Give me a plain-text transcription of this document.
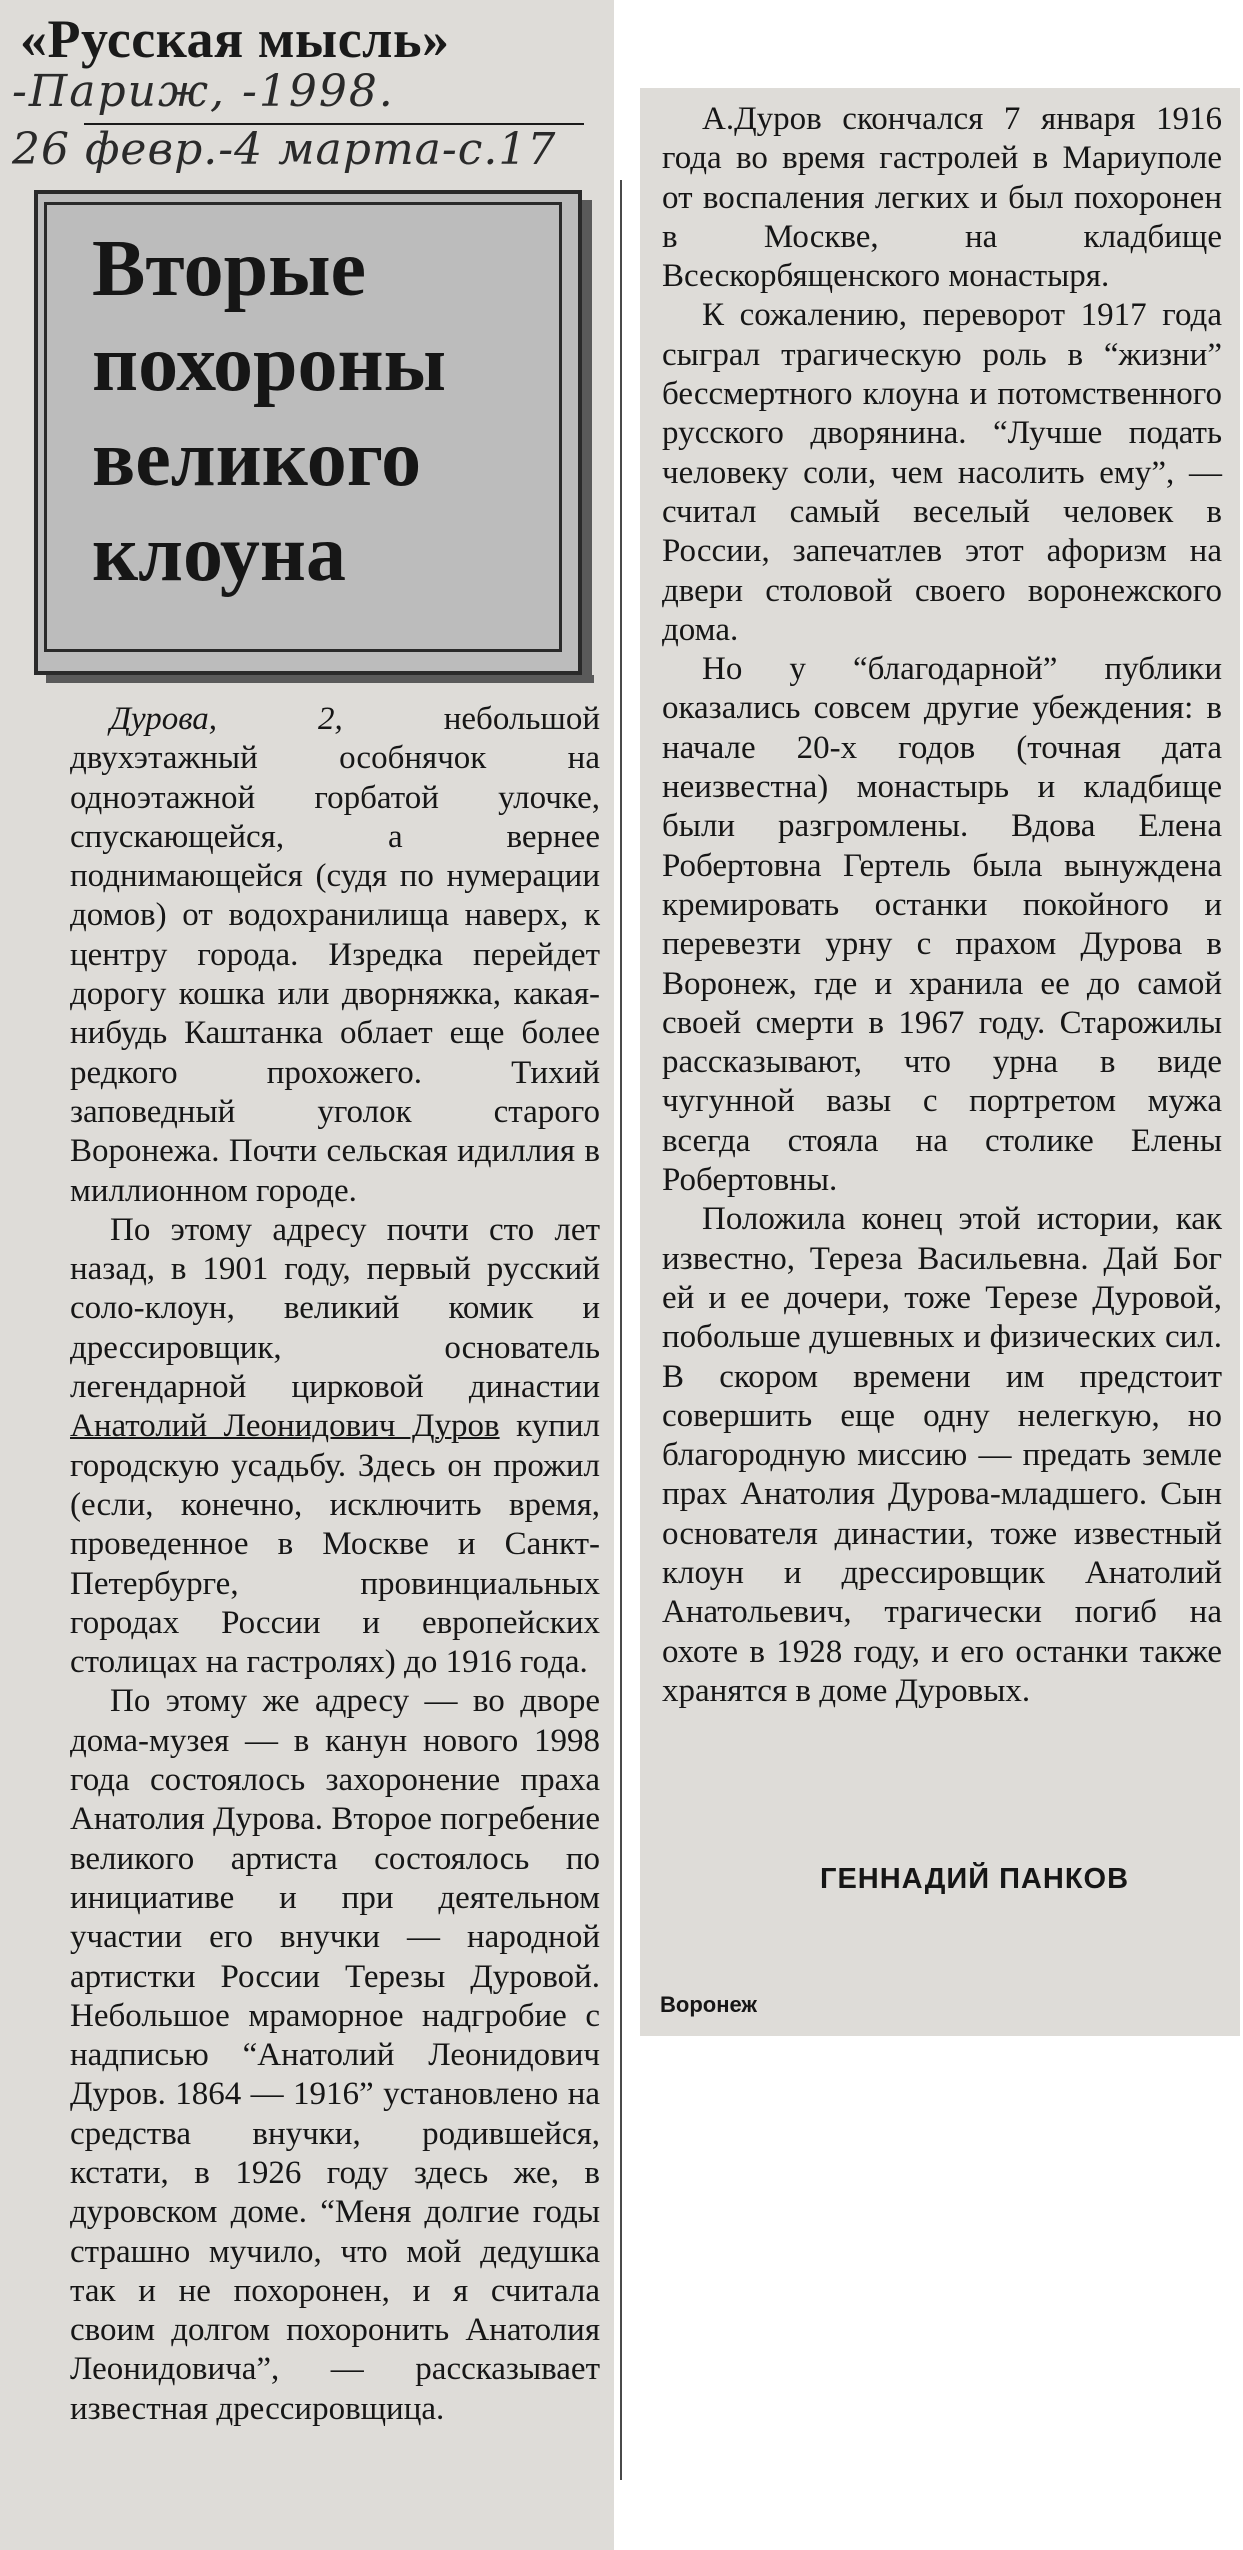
«Русская мысль»
-Париж, -1998.
26 февр.-4 марта-с.17
Вторые
похороны
великого
клоуна

Дурова, 2, небольшой двухэтажный особнячок на одноэтажной горбатой улочке, спускающейся, а вернее поднимающейся (судя по нумерации домов) от водохранилища наверх, к центру города. Изредка перейдет дорогу кошка или дворняжка, какая-нибудь Каштанка облает еще более редкого прохожего. Тихий заповедный уголок старого Воронежа. Почти сельская идиллия в миллионном городе.

По этому адресу почти сто лет назад, в 1901 году, первый русский соло-клоун, великий комик и дрессировщик, основатель легендарной цирковой династии Анатолий Леонидович Дуров купил городскую усадьбу. Здесь он прожил (если, конечно, исключить время, проведенное в Москве и Санкт-Петербурге, провинциальных городах России и европейских столицах на гастролях) до 1916 года.

По этому же адресу — во дворе дома-музея — в канун нового 1998 года состоялось захоронение праха Анатолия Дурова. Второе погребение великого артиста состоялось по инициативе и при деятельном участии его внучки — народной артистки России Терезы Дуровой. Небольшое мраморное надгробие с надписью “Анатолий Леонидович Дуров. 1864 — 1916” установлено на средства внучки, родившейся, кстати, в 1926 году здесь же, в дуровском доме. “Меня долгие годы страшно мучило, что мой дедушка так и не похоронен, и я считала своим долгом похоронить Анатолия Леонидовича”, — рассказывает известная дрессировщица.

А.Дуров скончался 7 января 1916 года во время гастролей в Мариуполе от воспаления легких и был похоронен в Москве, на кладбище Всескорбященского монастыря.

К сожалению, переворот 1917 года сыграл трагическую роль в “жизни” бессмертного клоуна и потомственного русского дворянина. “Лучше подать человеку соли, чем насолить ему”, — считал самый веселый человек в России, запечатлев этот афоризм на двери столовой своего воронежского дома.

Но у “благодарной” публики оказались совсем другие убеждения: в начале 20-х годов (точная дата неизвестна) монастырь и кладбище были разгромлены. Вдова Елена Робертовна Гертель была вынуждена кремировать останки покойного и перевезти урну с прахом Дурова в Воронеж, где и хранила ее до самой своей смерти в 1967 году. Старожилы рассказывают, что урна в виде чугунной вазы с портретом мужа всегда стояла на столике Елены Робертовны.

Положила конец этой истории, как известно, Тереза Васильевна. Дай Бог ей и ее дочери, тоже Терезе Дуровой, побольше душевных и физических сил. В скором времени им предстоит совершить еще одну нелегкую, но благородную миссию — предать земле прах Анатолия Дурова-младшего. Сын основателя династии, тоже известный клоун и дрессировщик Анатолий Анатольевич, трагически погиб на охоте в 1928 году, и его останки также хранятся в доме Дуровых.

ГЕННАДИЙ ПАНКОВ
Воронеж
